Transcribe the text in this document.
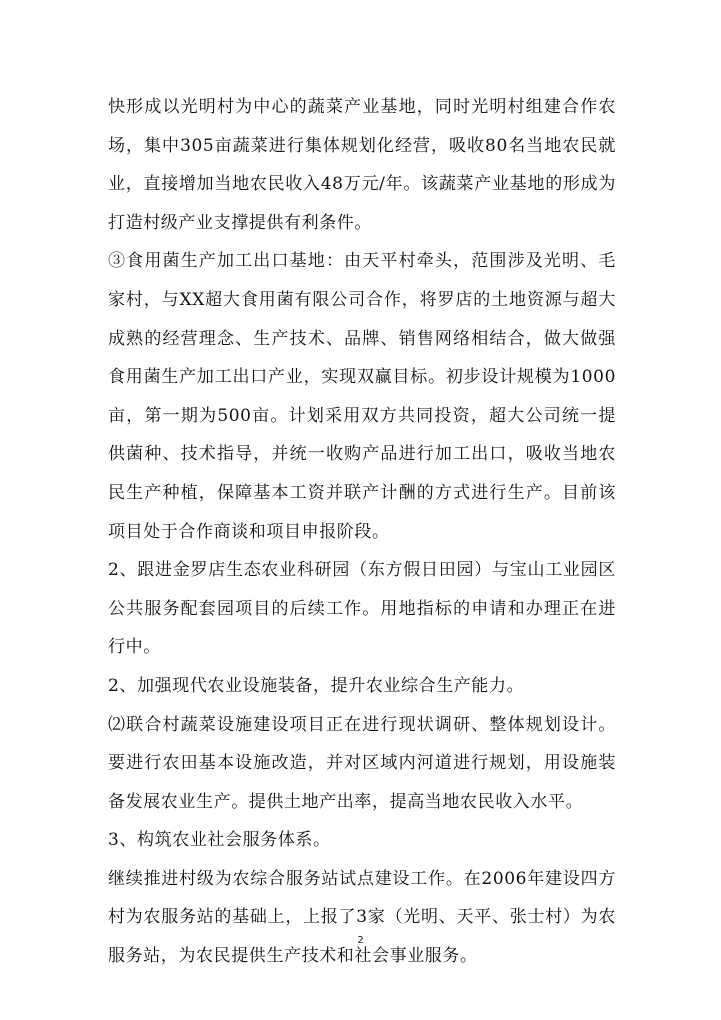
快形成以光明村为中心的蔬菜产业基地，同时光明村组建合作农场，集中305亩蔬菜进行集体规划化经营，吸收80名当地农民就业，直接增加当地农民收入48万元/年。该蔬菜产业基地的形成为打造村级产业支撑提供有利条件。

③食用菌生产加工出口基地：由天平村牵头，范围涉及光明、毛家村，与XX超大食用菌有限公司合作，将罗店的土地资源与超大成熟的经营理念、生产技术、品牌、销售网络相结合，做大做强食用菌生产加工出口产业，实现双赢目标。初步设计规模为1000亩，第一期为500亩。计划采用双方共同投资，超大公司统一提供菌种、技术指导，并统一收购产品进行加工出口，吸收当地农民生产种植，保障基本工资并联产计酬的方式进行生产。目前该项目处于合作商谈和项目申报阶段。

2、跟进金罗店生态农业科研园（东方假日田园）与宝山工业园区公共服务配套园项目的后续工作。用地指标的申请和办理正在进行中。

2、加强现代农业设施装备，提升农业综合生产能力。

⑵联合村蔬菜设施建设项目正在进行现状调研、整体规划设计。要进行农田基本设施改造，并对区域内河道进行规划，用设施装备发展农业生产。提供土地产出率，提高当地农民收入水平。

3、构筑农业社会服务体系。

继续推进村级为农综合服务站试点建设工作。在2006年建设四方村为农服务站的基础上，上报了3家（光明、天平、张士村）为农服务站，为农民提供生产技术和社会事业服务。

2
